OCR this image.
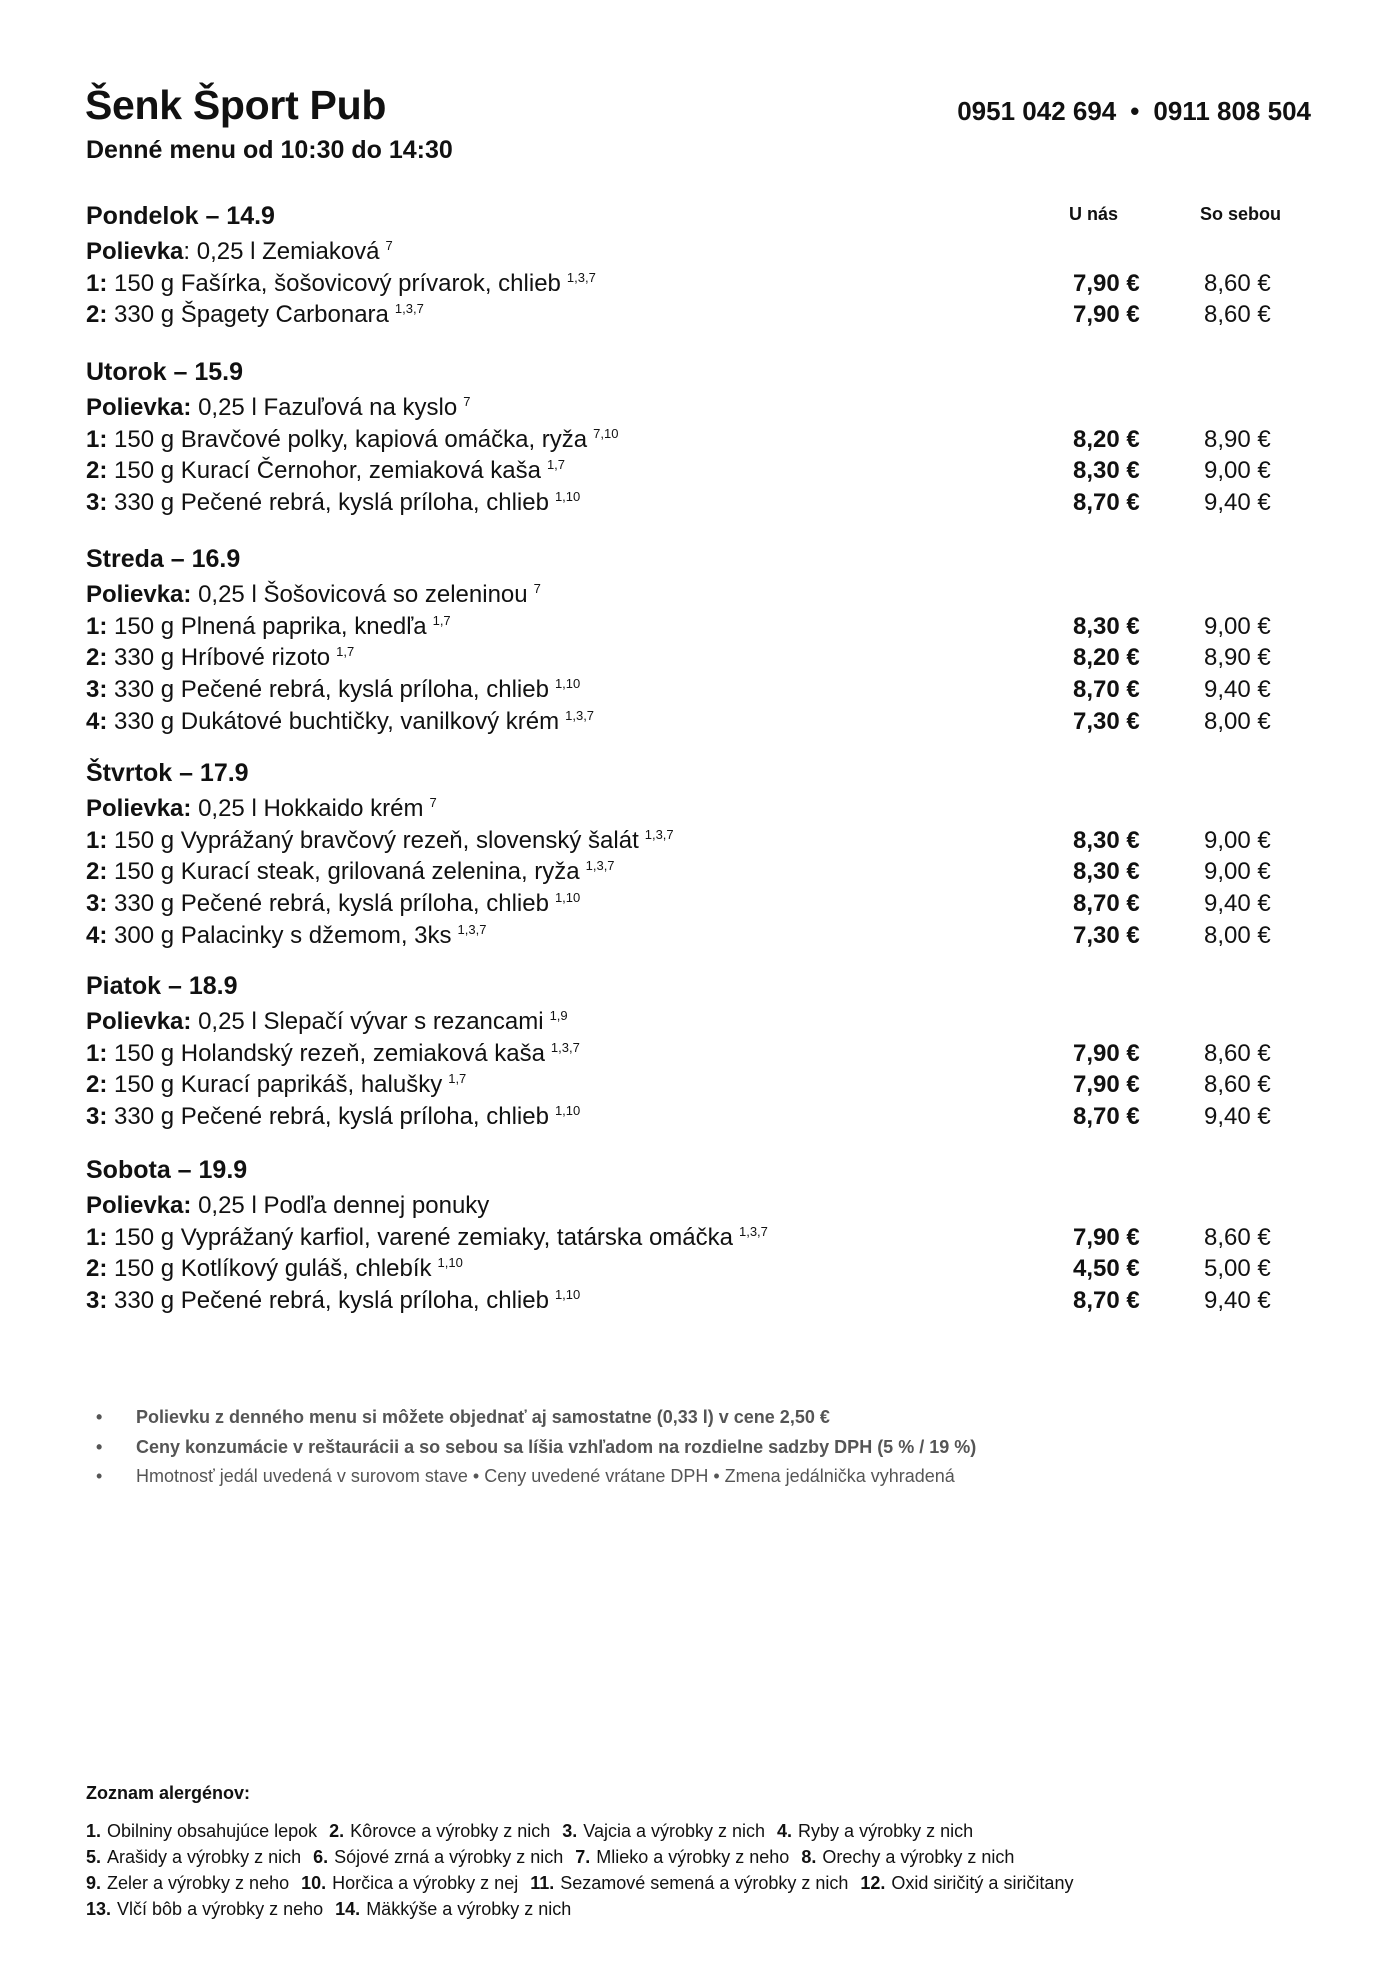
Šenk Šport Pub	0951 042 694 • 0911 808 504
Denné menu od 10:30 do 14:30
U nás	So sebou
Pondelok – 14.9
Polievka: 0,25 l Zemiaková $^7$
1: 150 g Fašírka, šošovicový prívarok, chlieb $^{1,3,7}$	7,90 €	8,60 €
2: 330 g Špagety Carbonara $^{1,3,7}$	7,90 €	8,60 €
Utorok – 15.9
Polievka: 0,25 l Fazuľová na kyslo $^7$
1: 150 g Bravčové polky, kapiová omáčka, ryža $^{7,10}$	8,20 €	8,90 €
2: 150 g Kurací Černohor, zemiaková kaša $^{1,7}$	8,30 €	9,00 €
3: 330 g Pečené rebrá, kyslá príloha, chlieb $^{1,10}$	8,70 €	9,40 €
Streda – 16.9
Polievka: 0,25 l Šošovicová so zeleninou $^7$
1: 150 g Plnená paprika, knedľa $^{1,7}$	8,30 €	9,00 €
2: 330 g Hríbové rizoto $^{1,7}$	8,20 €	8,90 €
3: 330 g Pečené rebrá, kyslá príloha, chlieb $^{1,10}$	8,70 €	9,40 €
4: 330 g Dukátové buchtičky, vanilkový krém $^{1,3,7}$	7,30 €	8,00 €
Štvrtok – 17.9
Polievka: 0,25 l Hokkaido krém $^7$
1: 150 g Vyprážaný bravčový rezeň, slovenský šalát $^{1,3,7}$	8,30 €	9,00 €
2: 150 g Kurací steak, grilovaná zelenina, ryža $^{1,3,7}$	8,30 €	9,00 €
3: 330 g Pečené rebrá, kyslá príloha, chlieb $^{1,10}$	8,70 €	9,40 €
4: 300 g Palacinky s džemom, 3ks $^{1,3,7}$	7,30 €	8,00 €
Piatok – 18.9
Polievka: 0,25 l Slepačí vývar s rezancami $^{1,9}$
1: 150 g Holandský rezeň, zemiaková kaša $^{1,3,7}$	7,90 €	8,60 €
2: 150 g Kurací paprikáš, halušky $^{1,7}$	7,90 €	8,60 €
3: 330 g Pečené rebrá, kyslá príloha, chlieb $^{1,10}$	8,70 €	9,40 €
Sobota – 19.9
Polievka: 0,25 l Podľa dennej ponuky
1: 150 g Vyprážaný karfiol, varené zemiaky, tatárska omáčka $^{1,3,7}$	7,90 €	8,60 €
2: 150 g Kotlíkový guláš, chlebík $^{1,10}$	4,50 €	5,00 €
3: 330 g Pečené rebrá, kyslá príloha, chlieb $^{1,10}$	8,70 €	9,40 €
• Polievku z denného menu si môžete objednať aj samostatne (0,33 l) v cene 2,50 €
• Ceny konzumácie v reštaurácii a so sebou sa líšia vzhľadom na rozdielne sadzby DPH (5 % / 19 %)
• Hmotnosť jedál uvedená v surovom stave • Ceny uvedené vrátane DPH • Zmena jedálnička vyhradená
Zoznam alergénov:
1. Obilniny obsahujúce lepok 2. Kôrovce a výrobky z nich 3. Vajcia a výrobky z nich 4. Ryby a výrobky z nich
5. Arašidy a výrobky z nich 6. Sójové zrná a výrobky z nich 7. Mlieko a výrobky z neho 8. Orechy a výrobky z nich
9. Zeler a výrobky z neho 10. Horčica a výrobky z nej 11. Sezamové semená a výrobky z nich 12. Oxid siričitý a siričitany
13. Vlčí bôb a výrobky z neho 14. Mäkkýše a výrobky z nich
